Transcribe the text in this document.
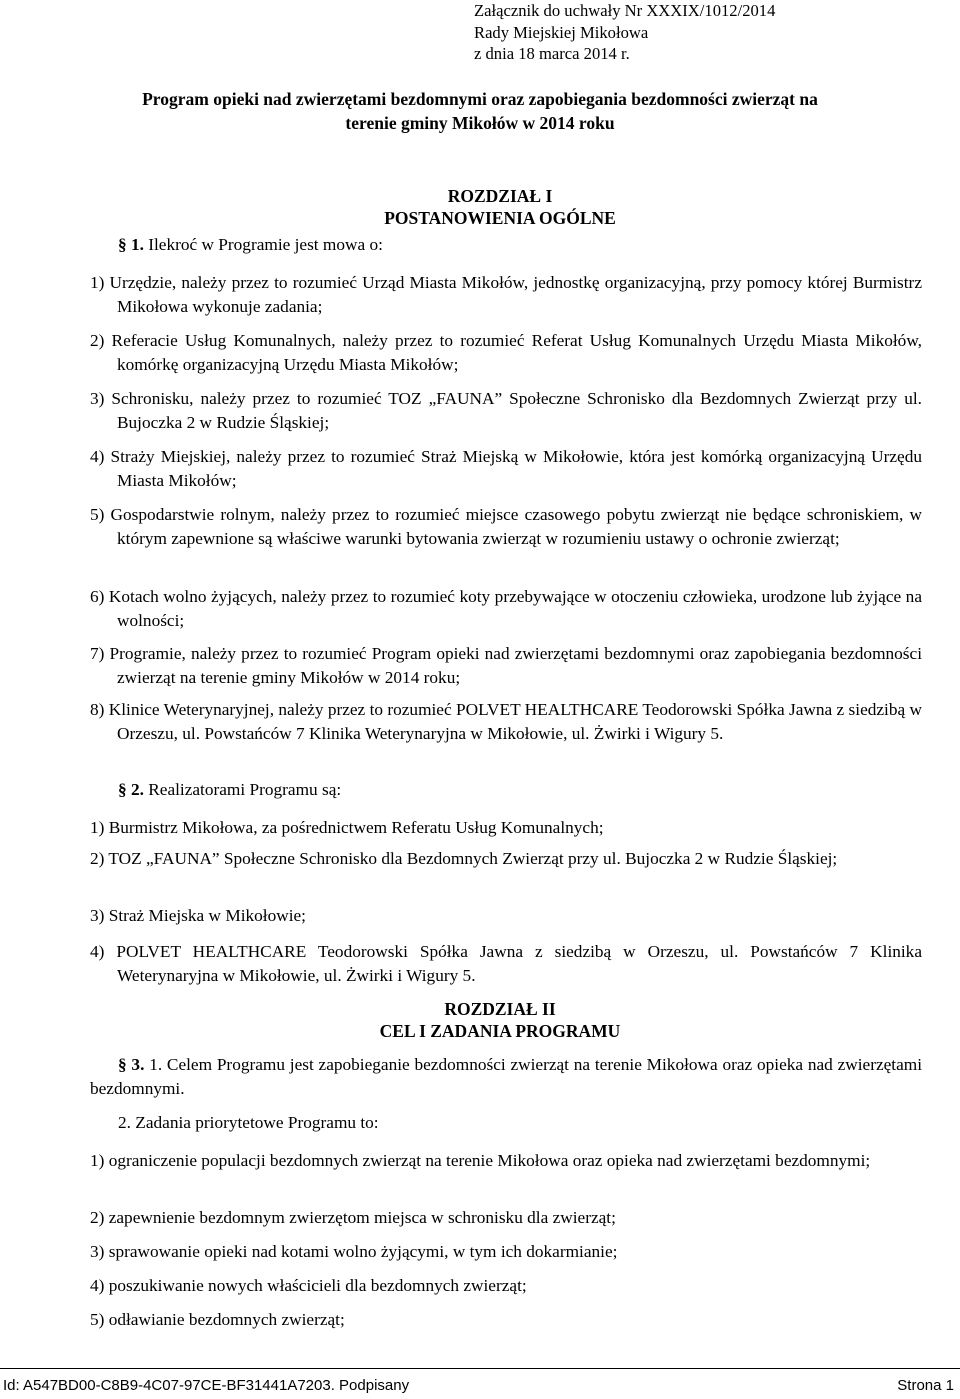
Załącznik do uchwały Nr XXXIX/1012/2014
Rady Miejskiej Mikołowa
z dnia 18 marca 2014 r.
Program opieki nad zwierzętami bezdomnymi oraz zapobiegania bezdomności zwierząt na
terenie gminy Mikołów w 2014 roku
ROZDZIAŁ I
POSTANOWIENIA OGÓLNE
§ 1. Ilekroć w Programie jest mowa o:
1) Urzędzie, należy przez to rozumieć Urząd Miasta Mikołów, jednostkę organizacyjną, przy pomocy której Burmistrz Mikołowa wykonuje zadania;
2) Referacie Usług Komunalnych, należy przez to rozumieć Referat Usług Komunalnych Urzędu Miasta Mikołów, komórkę organizacyjną Urzędu Miasta Mikołów;
3) Schronisku, należy przez to rozumieć TOZ „FAUNA” Społeczne Schronisko dla Bezdomnych Zwierząt przy ul. Bujoczka 2 w Rudzie Śląskiej;
4) Straży Miejskiej, należy przez to rozumieć Straż Miejską w Mikołowie, która jest komórką organizacyjną Urzędu Miasta Mikołów;
5) Gospodarstwie rolnym, należy przez to rozumieć miejsce czasowego pobytu zwierząt nie będące schroniskiem, w którym zapewnione są właściwe warunki bytowania zwierząt w rozumieniu ustawy o ochronie zwierząt;
6) Kotach wolno żyjących, należy przez to rozumieć koty przebywające w otoczeniu człowieka, urodzone lub żyjące na wolności;
7) Programie, należy przez to rozumieć Program opieki nad zwierzętami bezdomnymi oraz zapobiegania bezdomności zwierząt na terenie gminy Mikołów w 2014 roku;
8) Klinice Weterynaryjnej, należy przez to rozumieć POLVET HEALTHCARE Teodorowski Spółka Jawna z siedzibą w Orzeszu, ul. Powstańców 7 Klinika Weterynaryjna w Mikołowie, ul. Żwirki i Wigury 5.
§ 2. Realizatorami Programu są:
1) Burmistrz Mikołowa, za pośrednictwem Referatu Usług Komunalnych;
2) TOZ „FAUNA” Społeczne Schronisko dla Bezdomnych Zwierząt przy ul. Bujoczka 2 w Rudzie Śląskiej;
3) Straż Miejska w Mikołowie;
4) POLVET HEALTHCARE Teodorowski Spółka Jawna z siedzibą w Orzeszu, ul. Powstańców 7 Klinika Weterynaryjna w Mikołowie, ul. Żwirki i Wigury 5.
ROZDZIAŁ II
CEL I ZADANIA PROGRAMU
§ 3. 1. Celem Programu jest zapobieganie bezdomności zwierząt na terenie Mikołowa oraz opieka nad zwierzętami bezdomnymi.
2. Zadania priorytetowe Programu to:
1) ograniczenie populacji bezdomnych zwierząt na terenie Mikołowa oraz opieka nad zwierzętami bezdomnymi;
2) zapewnienie bezdomnym zwierzętom miejsca w schronisku dla zwierząt;
3) sprawowanie opieki nad kotami wolno żyjącymi, w tym ich dokarmianie;
4) poszukiwanie nowych właścicieli dla bezdomnych zwierząt;
5) odławianie bezdomnych zwierząt;
Id: A547BD00-C8B9-4C07-97CE-BF31441A7203. Podpisany	Strona 1
